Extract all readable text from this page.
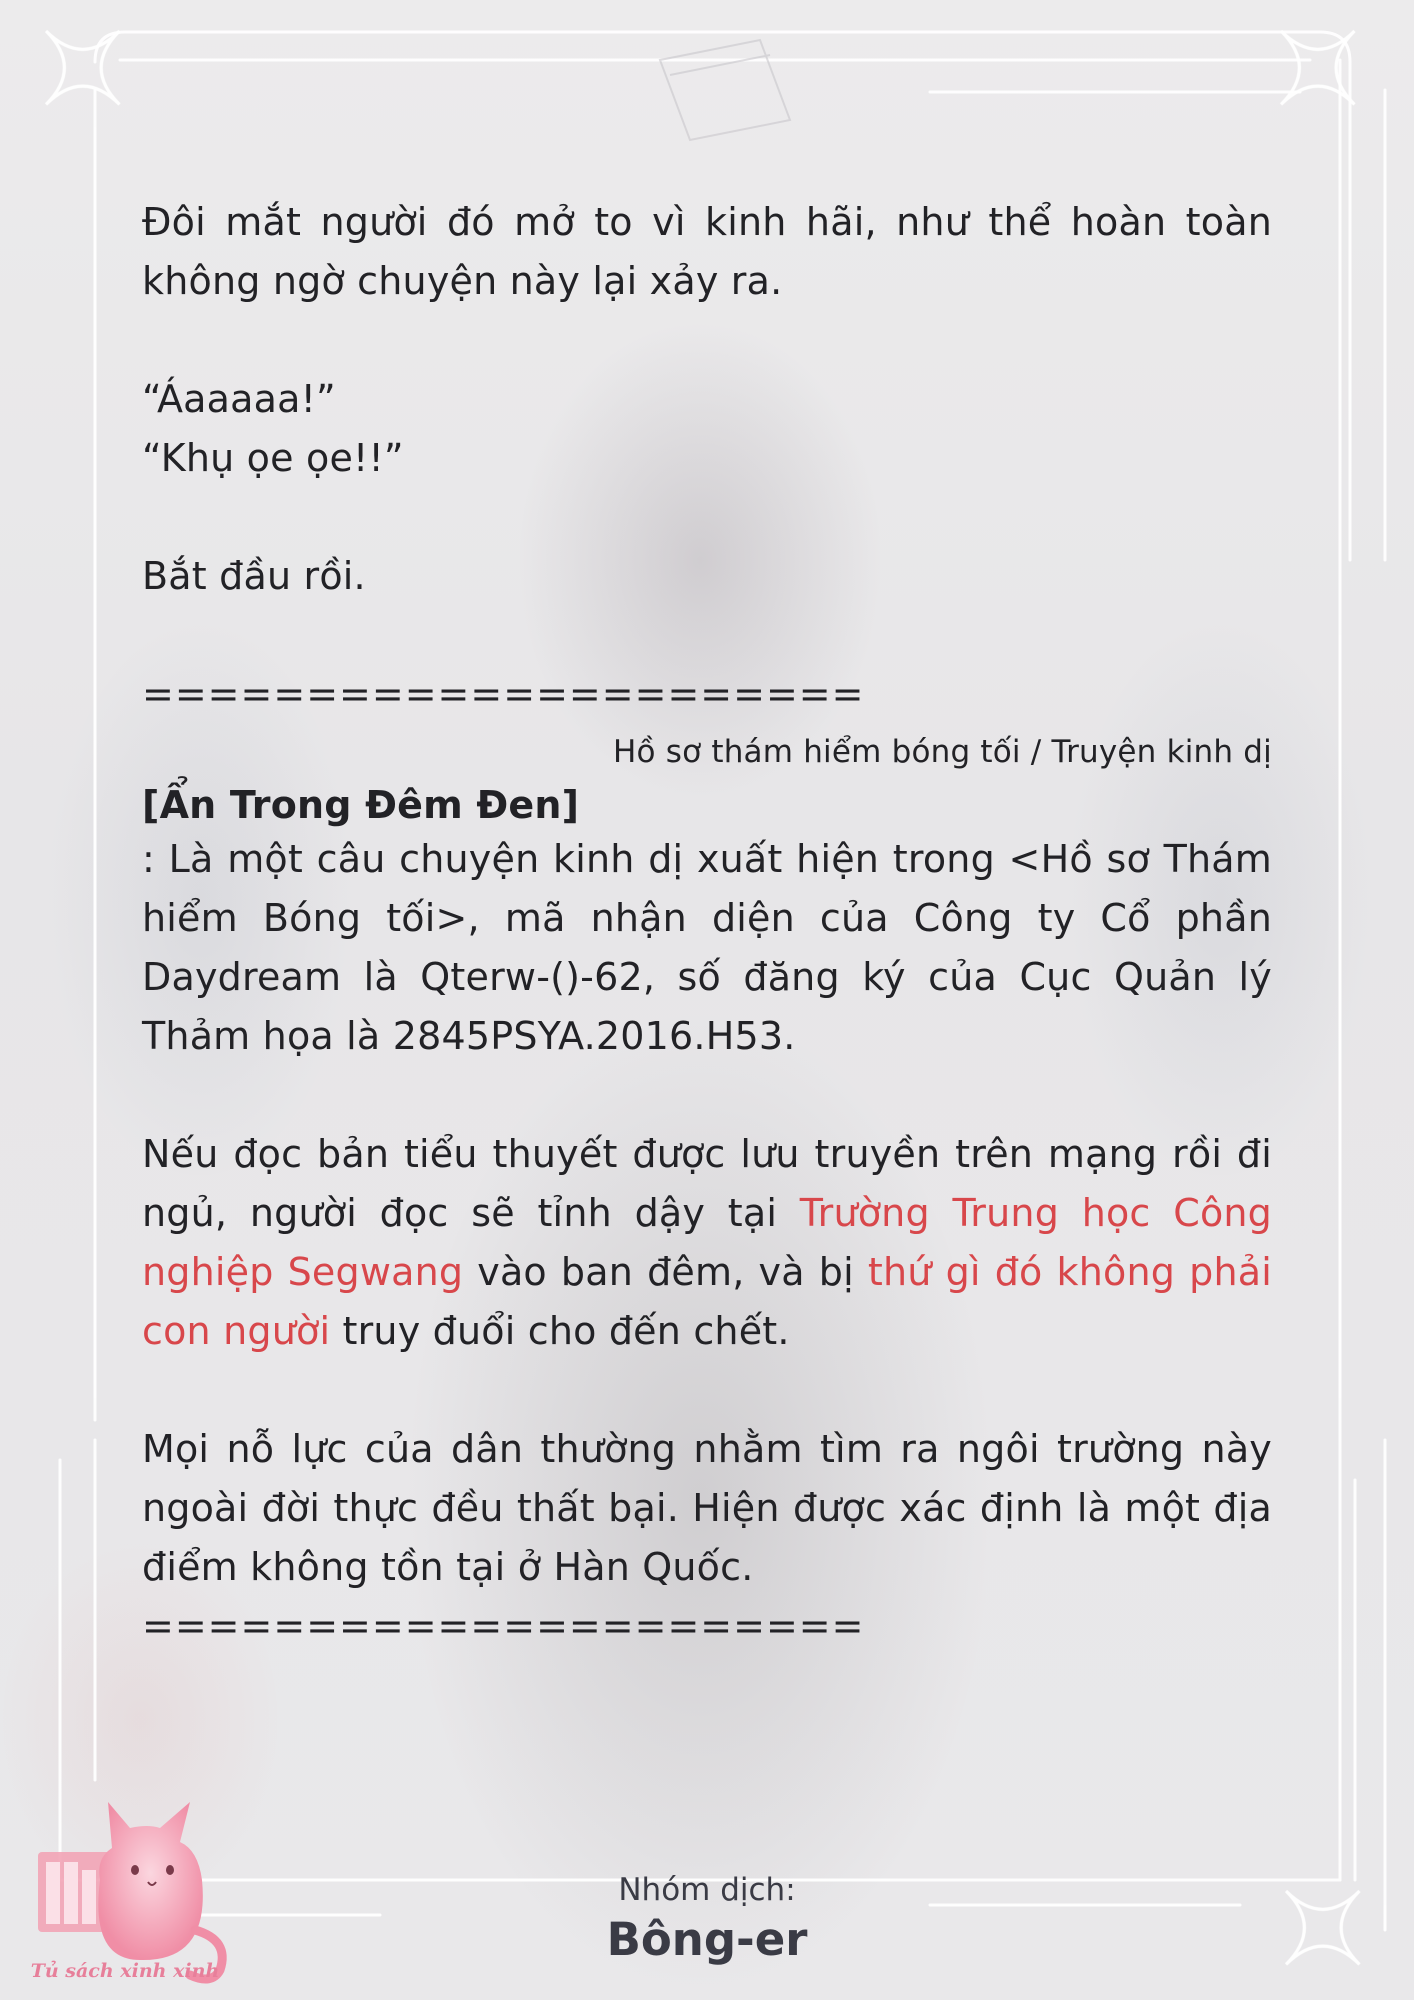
Đôi mắt người đó mở to vì kinh hãi, như thể hoàn toàn không ngờ chuyện này lại xảy ra.

“Áaaaaa!”

“Khụ ọe ọe!!”

Bắt đầu rồi.

======================

Hồ sơ thám hiểm bóng tối / Truyện kinh dị

[Ẩn Trong Đêm Đen]

: Là một câu chuyện kinh dị xuất hiện trong <Hồ sơ Thám hiểm Bóng tối>, mã nhận diện của Công ty Cổ phần Daydream là Qterw-()-62, số đăng ký của Cục Quản lý Thảm họa là 2845PSYA.2016.H53.

Nếu đọc bản tiểu thuyết được lưu truyền trên mạng rồi đi ngủ, người đọc sẽ tỉnh dậy tại Trường Trung học Công nghiệp Segwang vào ban đêm, và bị thứ gì đó không phải con người truy đuổi cho đến chết.

Mọi nỗ lực của dân thường nhằm tìm ra ngôi trường này ngoài đời thực đều thất bại. Hiện được xác định là một địa điểm không tồn tại ở Hàn Quốc.

======================

Tủ sách xinh xinh
Nhóm dịch:
Bông-er
